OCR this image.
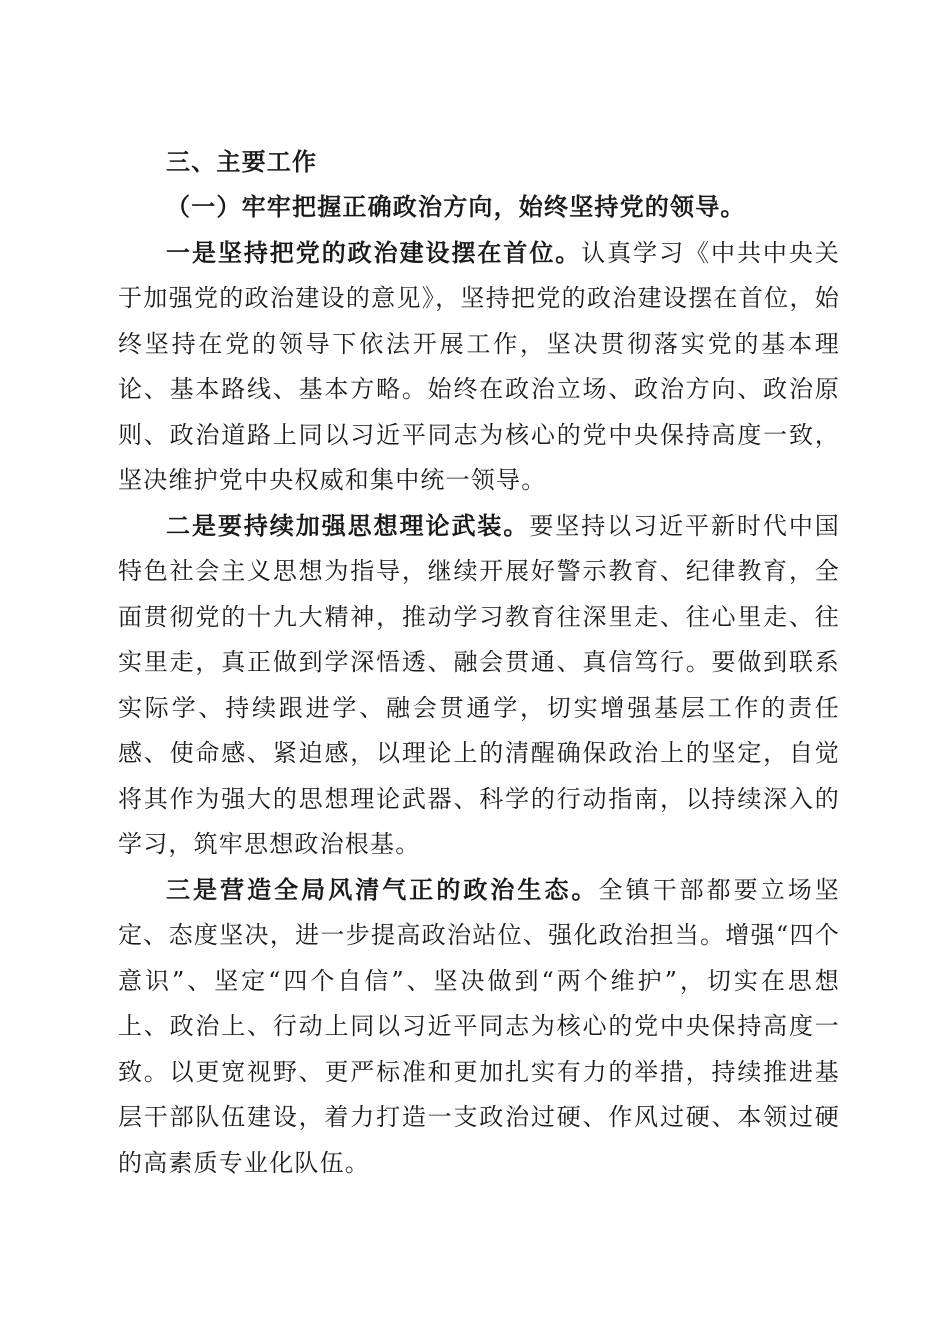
三、主要工作

（一）牢牢把握正确政治方向，始终坚持党的领导。

一是坚持把党的政治建设摆在首位。认真学习《中共中央关于加强党的政治建设的意见》，坚持把党的政治建设摆在首位，始终坚持在党的领导下依法开展工作，坚决贯彻落实党的基本理论、基本路线、基本方略。始终在政治立场、政治方向、政治原则、政治道路上同以习近平同志为核心的党中央保持高度一致，坚决维护党中央权威和集中统一领导。

二是要持续加强思想理论武装。要坚持以习近平新时代中国特色社会主义思想为指导，继续开展好警示教育、纪律教育，全面贯彻党的十九大精神，推动学习教育往深里走、往心里走、往实里走，真正做到学深悟透、融会贯通、真信笃行。要做到联系实际学、持续跟进学、融会贯通学，切实增强基层工作的责任感、使命感、紧迫感，以理论上的清醒确保政治上的坚定，自觉将其作为强大的思想理论武器、科学的行动指南，以持续深入的学习，筑牢思想政治根基。

三是营造全局风清气正的政治生态。全镇干部都要立场坚定、态度坚决，进一步提高政治站位、强化政治担当。增强“四个意识”、坚定“四个自信”、坚决做到“两个维护”，切实在思想上、政治上、行动上同以习近平同志为核心的党中央保持高度一致。以更宽视野、更严标准和更加扎实有力的举措，持续推进基层干部队伍建设，着力打造一支政治过硬、作风过硬、本领过硬的高素质专业化队伍。
